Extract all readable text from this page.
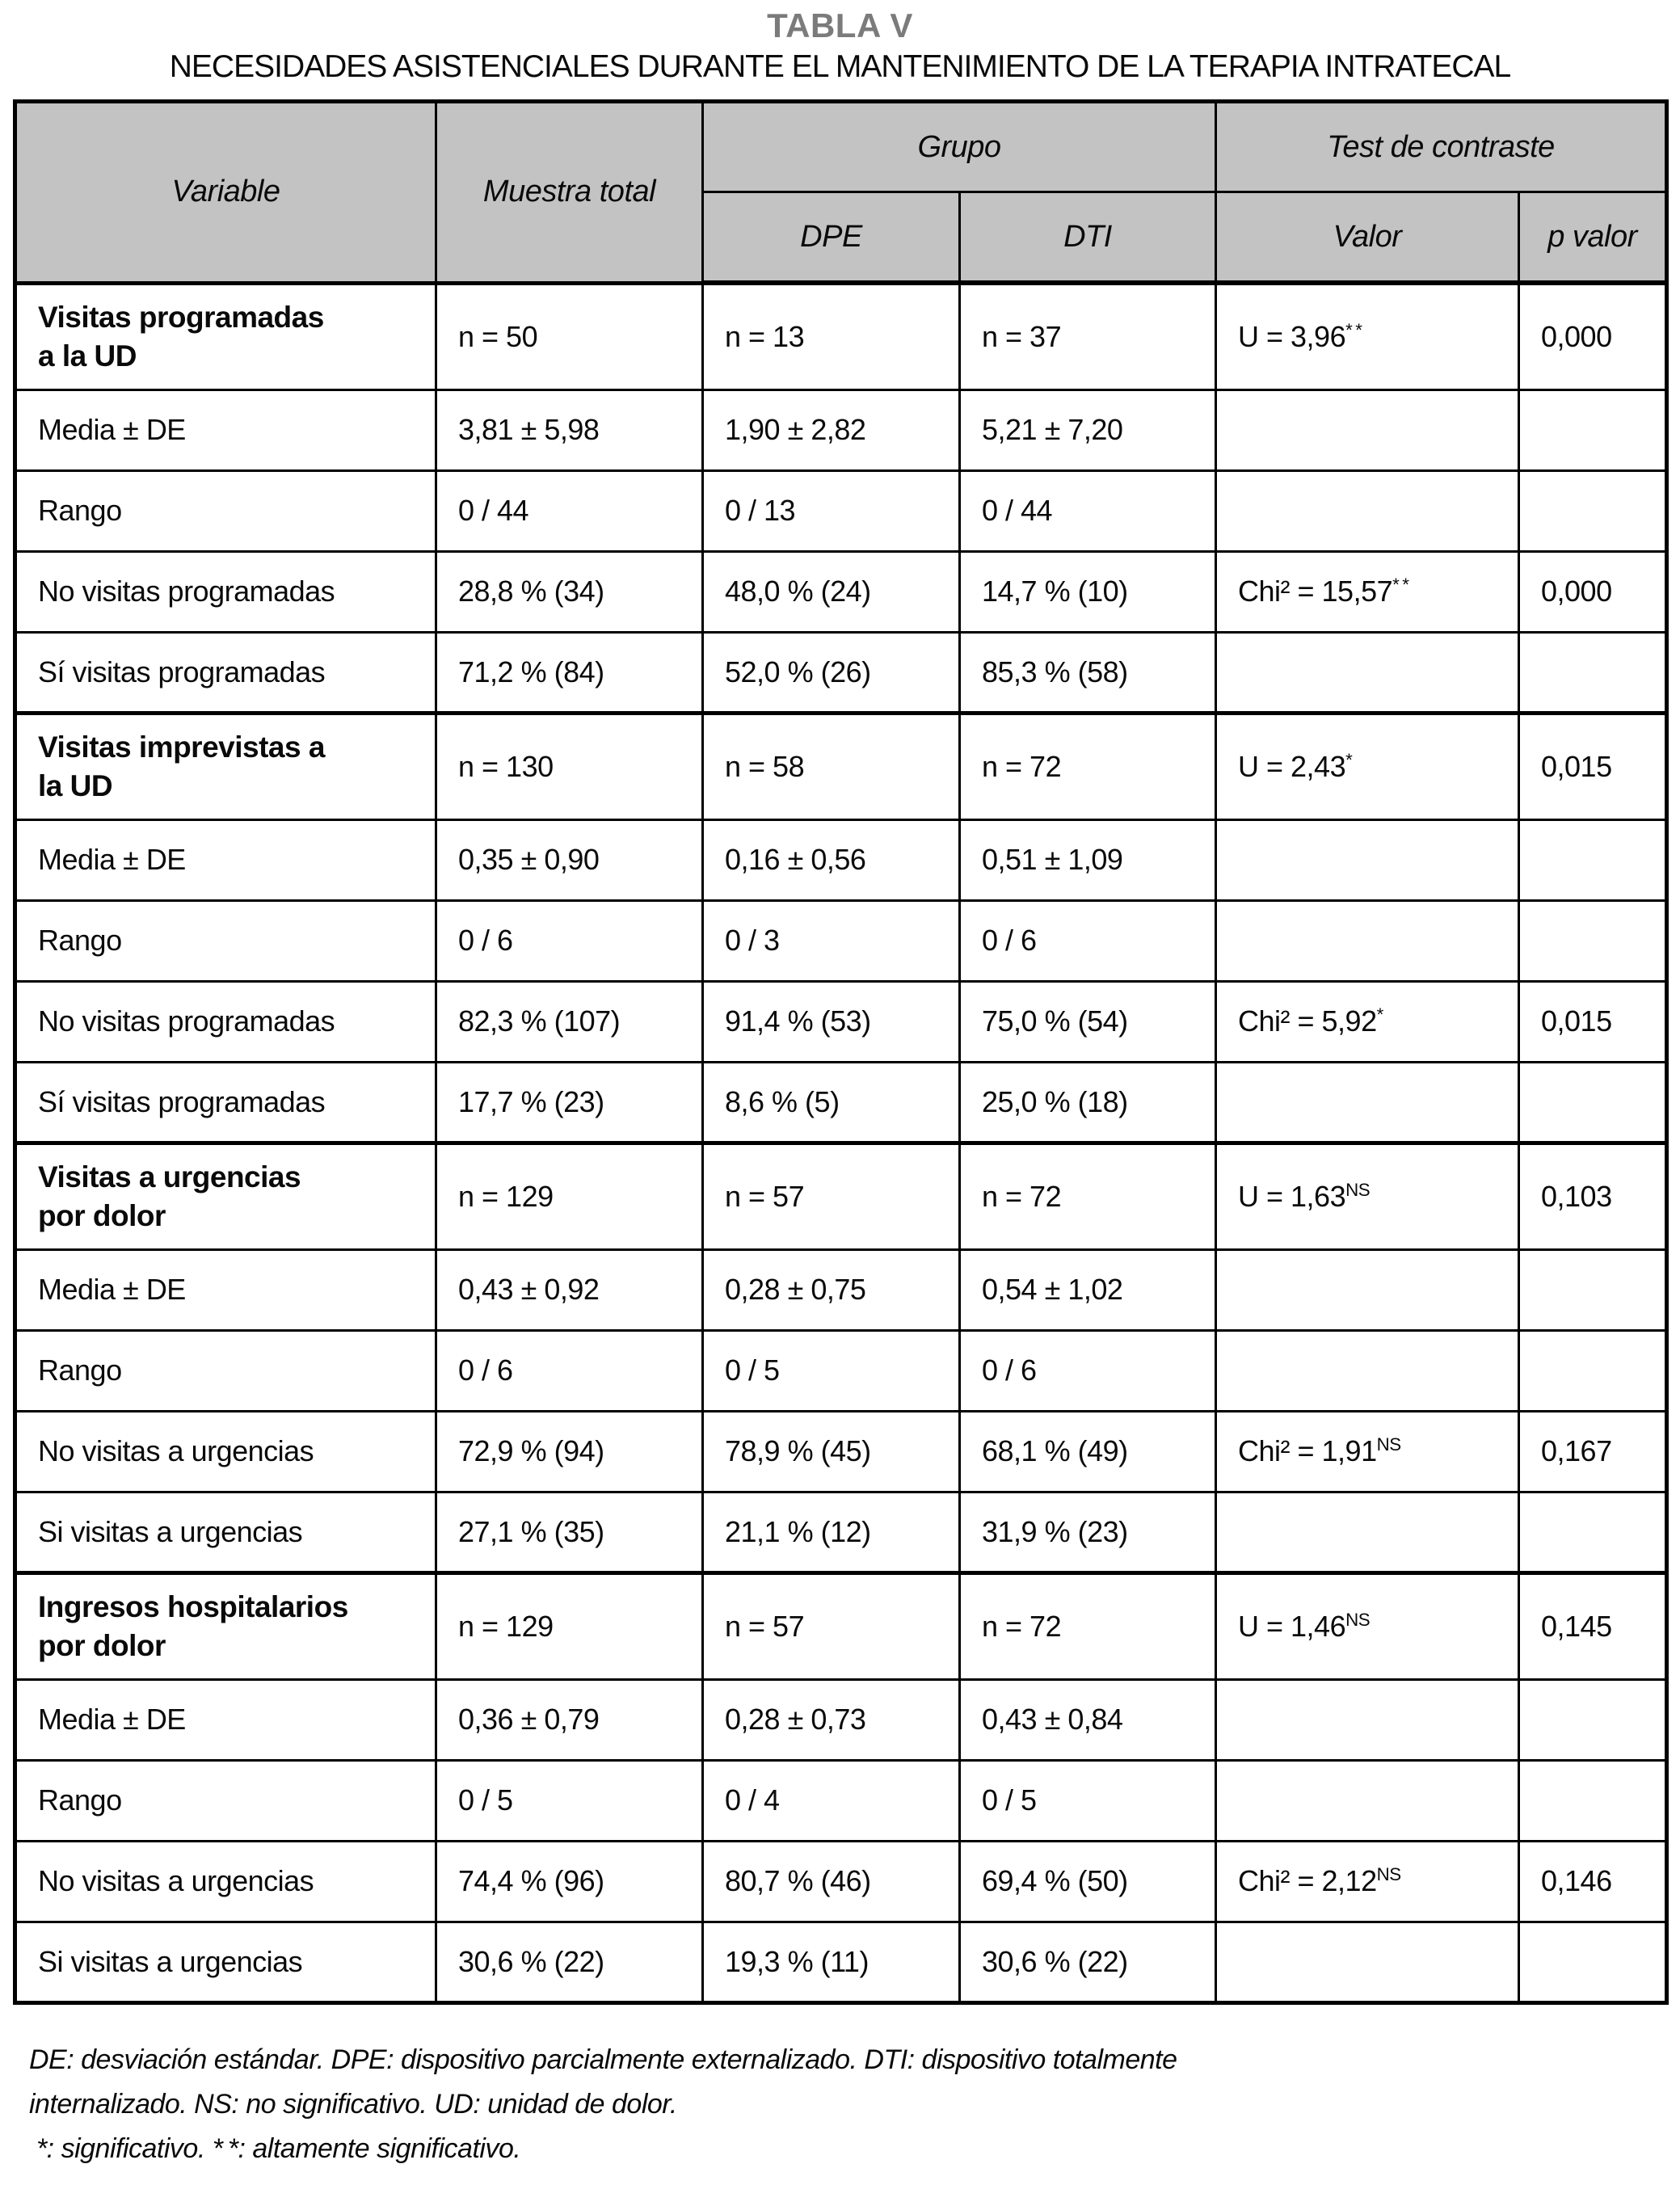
TABLA V
NECESIDADES ASISTENCIALES DURANTE EL MANTENIMIENTO DE LA TERAPIA INTRATECAL
Variable	Muestra total	Grupo		Test de contraste	
		DPE	DTI	Valor	p valor

Visitas programadas
a la UD	n = 50	n = 13	n = 37	U = 3,96* *	0,000
Media ± DE	3,81 ± 5,98	1,90 ± 2,82	5,21 ± 7,20		
Rango	0 / 44	0 / 13	0 / 44		
No visitas programadas	28,8 % (34)	48,0 % (24)	14,7 % (10)	Chi² = 15,57* *	0,000
Sí visitas programadas	71,2 % (84)	52,0 % (26)	85,3 % (58)		

Visitas imprevistas a
la UD	n = 130	n = 58	n = 72	U = 2,43*	0,015
Media ± DE	0,35 ± 0,90	0,16 ± 0,56	0,51 ± 1,09		
Rango	0 / 6	0 / 3	0 / 6		
No visitas programadas	82,3 % (107)	91,4 % (53)	75,0 % (54)	Chi² = 5,92*	0,015
Sí visitas programadas	17,7 % (23)	8,6 % (5)	25,0 % (18)		

Visitas a urgencias
por dolor	n = 129	n = 57	n = 72	$U = 1,63^{NS}$	0,103
Media ± DE	0,43 ± 0,92	0,28 ± 0,75	0,54 ± 1,02		
Rango	0 / 6	0 / 5	0 / 6		
No visitas a urgencias	72,9 % (94)	78,9 % (45)	68,1 % (49)	$Chi^2 = 1,91^{NS}$	0,167
Si visitas a urgencias	27,1 % (35)	21,1 % (12)	31,9 % (23)		

Ingresos hospitalarios
por dolor	n = 129	n = 57	n = 72	$U = 1,46^{NS}$	0,145
Media ± DE	0,36 ± 0,79	0,28 ± 0,73	0,43 ± 0,84		
Rango	0 / 5	0 / 4	0 / 5		
No visitas a urgencias	74,4 % (96)	80,7 % (46)	69,4 % (50)	$Chi^2 = 2,12^{NS}$	0,146
Si visitas a urgencias	30,6 % (22)	19,3 % (11)	30,6 % (22)		
DE: desviación estándar. DPE: dispositivo parcialmente externalizado. DTI: dispositivo totalmente
internalizado. NS: no significativo. UD: unidad de dolor.
*: significativo. * *: altamente significativo.
